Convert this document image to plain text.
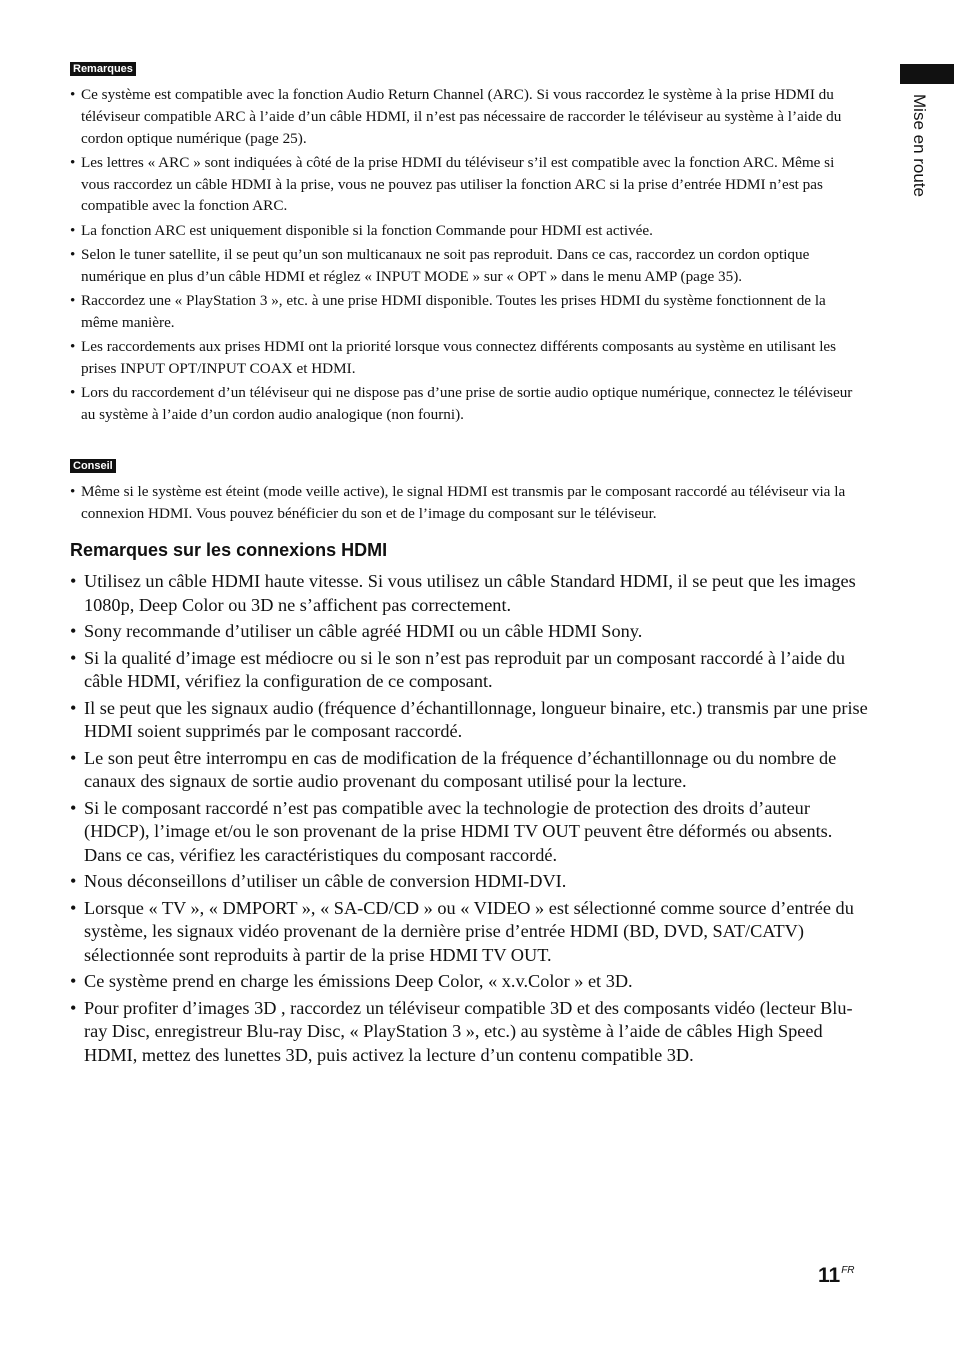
Mise en route
Remarques
• Ce système est compatible avec la fonction Audio Return Channel (ARC). Si vous raccordez le système à la prise HDMI du téléviseur compatible ARC à l’aide d’un câble HDMI, il n’est pas nécessaire de raccorder le téléviseur au système à l’aide du cordon optique numérique (page 25).
• Les lettres « ARC » sont indiquées à côté de la prise HDMI du téléviseur s’il est compatible avec la fonction ARC. Même si vous raccordez un câble HDMI à la prise, vous ne pouvez pas utiliser la fonction ARC si la prise d’entrée HDMI n’est pas compatible avec la fonction ARC.
• La fonction ARC est uniquement disponible si la fonction Commande pour HDMI est activée.
• Selon le tuner satellite, il se peut qu’un son multicanaux ne soit pas reproduit. Dans ce cas, raccordez un cordon optique numérique en plus d’un câble HDMI et réglez « INPUT MODE » sur « OPT » dans le menu AMP (page 35).
• Raccordez une « PlayStation 3 », etc. à une prise HDMI disponible. Toutes les prises HDMI du système fonctionnent de la même manière.
• Les raccordements aux prises HDMI ont la priorité lorsque vous connectez différents composants au système en utilisant les prises INPUT OPT/INPUT COAX et HDMI.
• Lors du raccordement d’un téléviseur qui ne dispose pas d’une prise de sortie audio optique numérique, connectez le téléviseur au système à l’aide d’un cordon audio analogique (non fourni).
Conseil
• Même si le système est éteint (mode veille active), le signal HDMI est transmis par le composant raccordé au téléviseur via la connexion HDMI. Vous pouvez bénéficier du son et de l’image du composant sur le téléviseur.
Remarques sur les connexions HDMI
• Utilisez un câble HDMI haute vitesse. Si vous utilisez un câble Standard HDMI, il se peut que les images 1080p, Deep Color ou 3D ne s’affichent pas correctement.
• Sony recommande d’utiliser un câble agréé HDMI ou un câble HDMI Sony.
• Si la qualité d’image est médiocre ou si le son n’est pas reproduit par un composant raccordé à l’aide du câble HDMI, vérifiez la configuration de ce composant.
• Il se peut que les signaux audio (fréquence d’échantillonnage, longueur binaire, etc.) transmis par une prise HDMI soient supprimés par le composant raccordé.
• Le son peut être interrompu en cas de modification de la fréquence d’échantillonnage ou du nombre de canaux des signaux de sortie audio provenant du composant utilisé pour la lecture.
• Si le composant raccordé n’est pas compatible avec la technologie de protection des droits d’auteur (HDCP), l’image et/ou le son provenant de la prise HDMI TV OUT peuvent être déformés ou absents. Dans ce cas, vérifiez les caractéristiques du composant raccordé.
• Nous déconseillons d’utiliser un câble de conversion HDMI-DVI.
• Lorsque « TV », « DMPORT », « SA-CD/CD » ou « VIDEO » est sélectionné comme source d’entrée du système, les signaux vidéo provenant de la dernière prise d’entrée HDMI (BD, DVD, SAT/CATV) sélectionnée sont reproduits à partir de la prise HDMI TV OUT.
• Ce système prend en charge les émissions Deep Color, « x.v.Color » et 3D.
• Pour profiter d’images 3D , raccordez un téléviseur compatible 3D et des composants vidéo (lecteur Blu-ray Disc, enregistreur Blu-ray Disc, « PlayStation 3 », etc.) au système à l’aide de câbles High Speed HDMI, mettez des lunettes 3D, puis activez la lecture d’un contenu compatible 3D.
$11^{FR}$
